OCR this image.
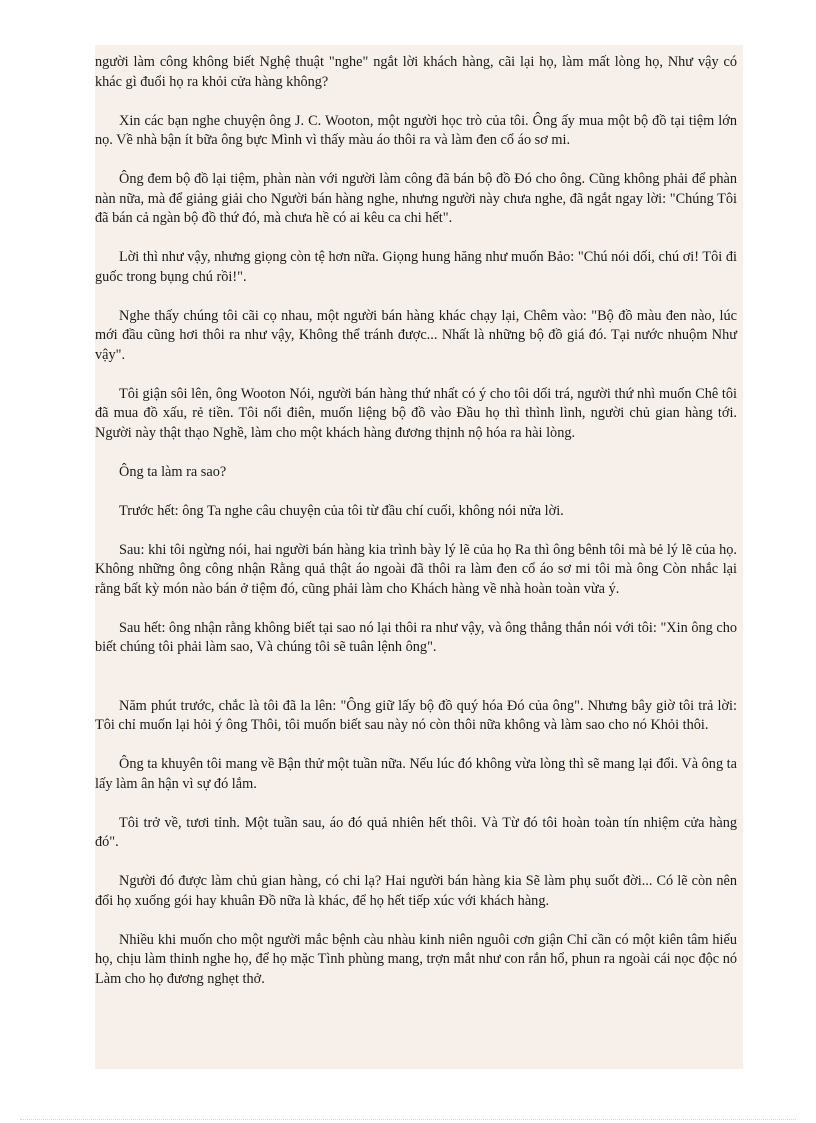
người làm công không biết Nghệ thuật "nghe" ngắt lời khách hàng, cãi lại họ, làm mất lòng họ, Như vậy có khác gì đuổi họ ra khỏi cửa hàng không?

Xin các bạn nghe chuyện ông J. C. Wooton, một người học trò của tôi. Ông ấy mua một bộ đồ tại tiệm lớn nọ. Về nhà bận ít bữa ông bực Mình vì thấy màu áo thôi ra và làm đen cổ áo sơ mi.

Ông đem bộ đồ lại tiệm, phàn nàn với người làm công đã bán bộ đồ Đó cho ông. Cũng không phải để phàn nàn nữa, mà để giảng giải cho Người bán hàng nghe, nhưng người này chưa nghe, đã ngắt ngay lời: "Chúng Tôi đã bán cả ngàn bộ đồ thứ đó, mà chưa hề có ai kêu ca chi hết".

Lời thì như vậy, nhưng giọng còn tệ hơn nữa. Giọng hung hăng như muốn Bảo: "Chú nói dối, chú ơi! Tôi đi guốc trong bụng chú rồi!".

Nghe thấy chúng tôi cãi cọ nhau, một người bán hàng khác chạy lại, Chêm vào: "Bộ đồ màu đen nào, lúc mới đầu cũng hơi thôi ra như vậy, Không thể tránh được... Nhất là những bộ đồ giá đó. Tại nước nhuộm Như vậy".

Tôi giận sôi lên, ông Wooton Nói, người bán hàng thứ nhất có ý cho tôi dối trá, người thứ nhì muốn Chê tôi đã mua đồ xấu, rẻ tiền. Tôi nổi điên, muốn liệng bộ đồ vào Đầu họ thì thình lình, người chủ gian hàng tới. Người này thật thạo Nghề, làm cho một khách hàng đương thịnh nộ hóa ra hài lòng.

Ông ta làm ra sao?

Trước hết: ông Ta nghe câu chuyện của tôi từ đầu chí cuối, không nói nửa lời.

Sau: khi tôi ngừng nói, hai người bán hàng kia trình bày lý lẽ của họ Ra thì ông bênh tôi mà bẻ lý lẽ của họ. Không những ông công nhận Rằng quả thật áo ngoài đã thôi ra làm đen cổ áo sơ mi tôi mà ông Còn nhắc lại rằng bất kỳ món nào bán ở tiệm đó, cũng phải làm cho Khách hàng về nhà hoàn toàn vừa ý.

Sau hết: ông nhận rằng không biết tại sao nó lại thôi ra như vậy, và ông thẳng thắn nói với tôi: "Xin ông cho biết chúng tôi phải làm sao, Và chúng tôi sẽ tuân lệnh ông".

Năm phút trước, chắc là tôi đã la lên: "Ông giữ lấy bộ đồ quý hóa Đó của ông". Nhưng bây giờ tôi trả lời: Tôi chỉ muốn lại hỏi ý ông Thôi, tôi muốn biết sau này nó còn thôi nữa không và làm sao cho nó Khỏi thôi.

Ông ta khuyên tôi mang về Bận thử một tuần nữa. Nếu lúc đó không vừa lòng thì sẽ mang lại đổi. Và ông ta lấy làm ân hận vì sự đó lắm.

Tôi trở về, tươi tỉnh. Một tuần sau, áo đó quả nhiên hết thôi. Và Từ đó tôi hoàn toàn tín nhiệm cửa hàng đó".

Người đó được làm chủ gian hàng, có chi lạ? Hai người bán hàng kia Sẽ làm phụ suốt đời... Có lẽ còn nên đổi họ xuống gói hay khuân Đồ nữa là khác, để họ hết tiếp xúc với khách hàng.

Nhiều khi muốn cho một người mắc bệnh càu nhàu kinh niên nguôi cơn giận Chỉ cần có một kiên tâm hiểu họ, chịu làm thinh nghe họ, để họ mặc Tình phùng mang, trợn mắt như con rắn hổ, phun ra ngoài cái nọc độc nó Làm cho họ đương nghẹt thở.
